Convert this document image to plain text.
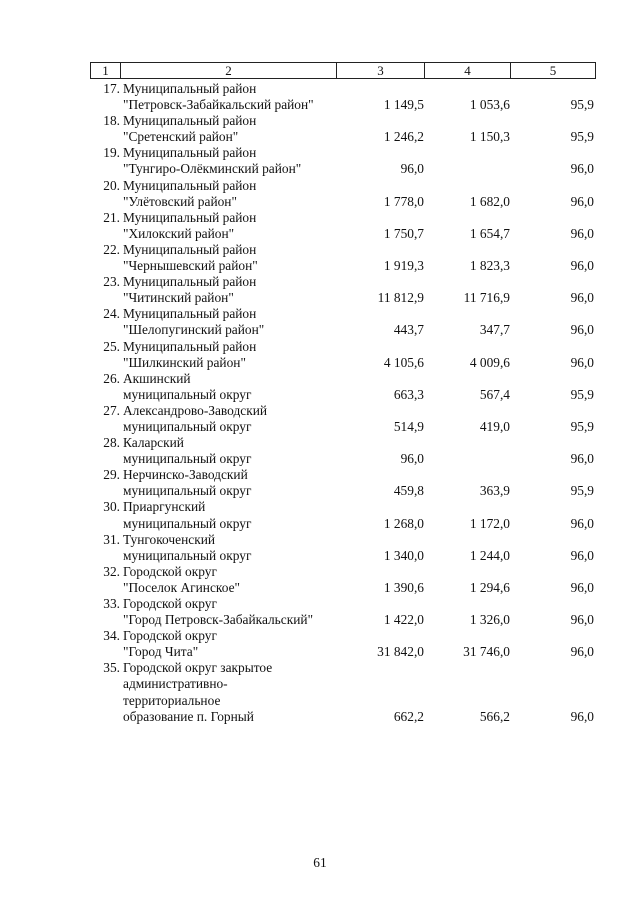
1	2	3	4	5
17. Муниципальный район
"Петровск-Забайкальский район"	1 149,5	1 053,6	95,9
18. Муниципальный район
"Сретенский район"	1 246,2	1 150,3	95,9
19. Муниципальный район
"Тунгиро-Олёкминский район"	96,0	96,0
20. Муниципальный район
"Улётовский район"	1 778,0	1 682,0	96,0
21. Муниципальный район
"Хилокский район"	1 750,7	1 654,7	96,0
22. Муниципальный район
"Чернышевский район"	1 919,3	1 823,3	96,0
23. Муниципальный район
"Читинский район"	11 812,9	11 716,9	96,0
24. Муниципальный район
"Шелопугинский район"	443,7	347,7	96,0
25. Муниципальный район
"Шилкинский район"	4 105,6	4 009,6	96,0
26. Акшинский
муниципальный округ	663,3	567,4	95,9
27. Александрово-Заводский
муниципальный округ	514,9	419,0	95,9
28. Каларский
муниципальный округ	96,0	96,0
29. Нерчинско-Заводский
муниципальный округ	459,8	363,9	95,9
30. Приаргунский
муниципальный округ	1 268,0	1 172,0	96,0
31. Тунгокоченский
муниципальный округ	1 340,0	1 244,0	96,0
32. Городской округ
"Поселок Агинское"	1 390,6	1 294,6	96,0
33. Городской округ
"Город Петровск-Забайкальский"	1 422,0	1 326,0	96,0
34. Городской округ
"Город Чита"	31 842,0	31 746,0	96,0
35. Городской округ закрытое
административно-
территориальное
образование п. Горный	662,2	566,2	96,0
61
